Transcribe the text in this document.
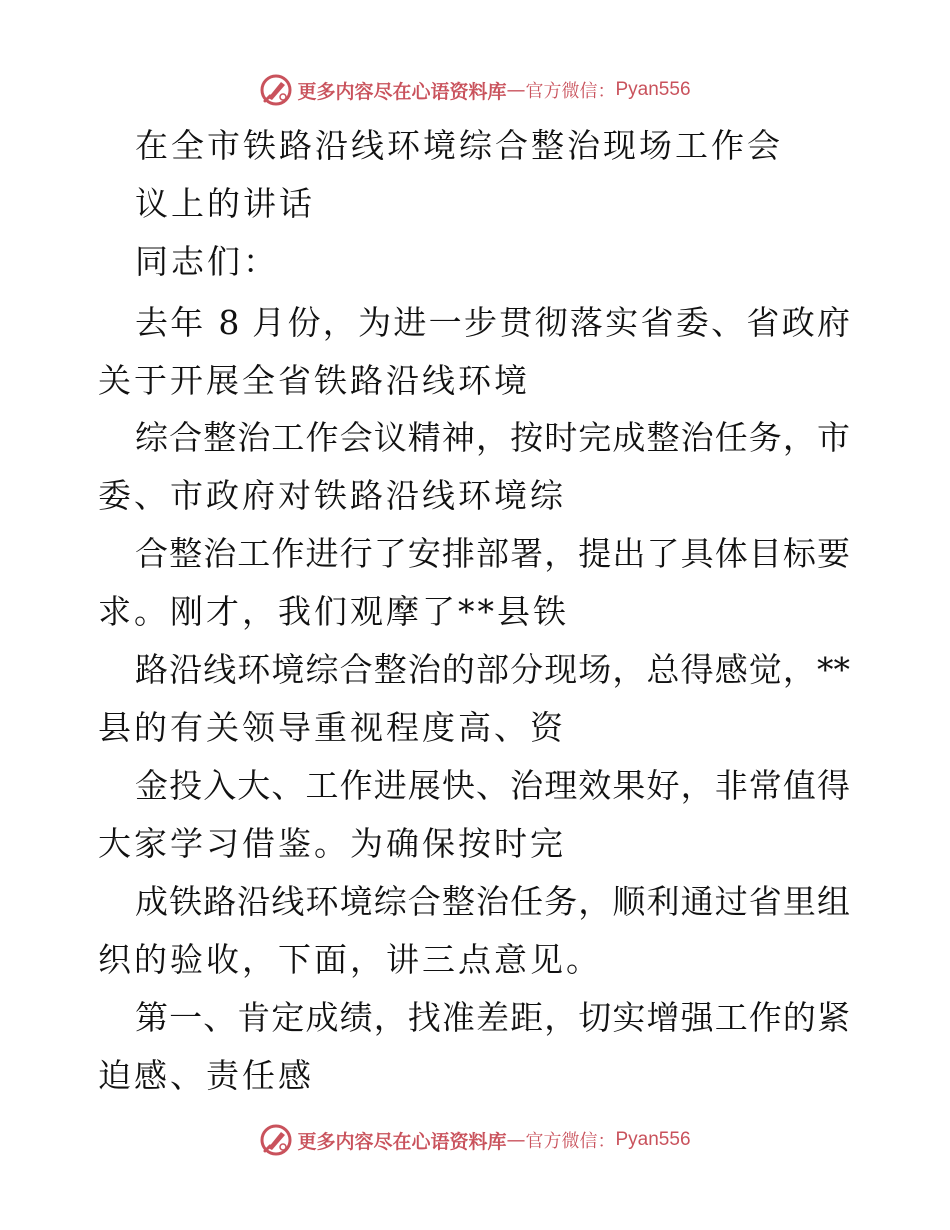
更多内容尽在心语资料库 — 官方微信： Pyan556
在全市铁路沿线环境综合整治现场工作会
议上的讲话
同志们：
去年 8 月份，为进一步贯彻落实省委、省政府
关于开展全省铁路沿线环境
综合整治工作会议精神，按时完成整治任务，市
委、市政府对铁路沿线环境综
合整治工作进行了安排部署，提出了具体目标要
求。刚才，我们观摩了**县铁
路沿线环境综合整治的部分现场，总得感觉，**
县的有关领导重视程度高、资
金投入大、工作进展快、治理效果好，非常值得
大家学习借鉴。为确保按时完
成铁路沿线环境综合整治任务，顺利通过省里组
织的验收，下面，讲三点意见。
第一、肯定成绩，找准差距，切实增强工作的紧
迫感、责任感
更多内容尽在心语资料库 — 官方微信： Pyan556
